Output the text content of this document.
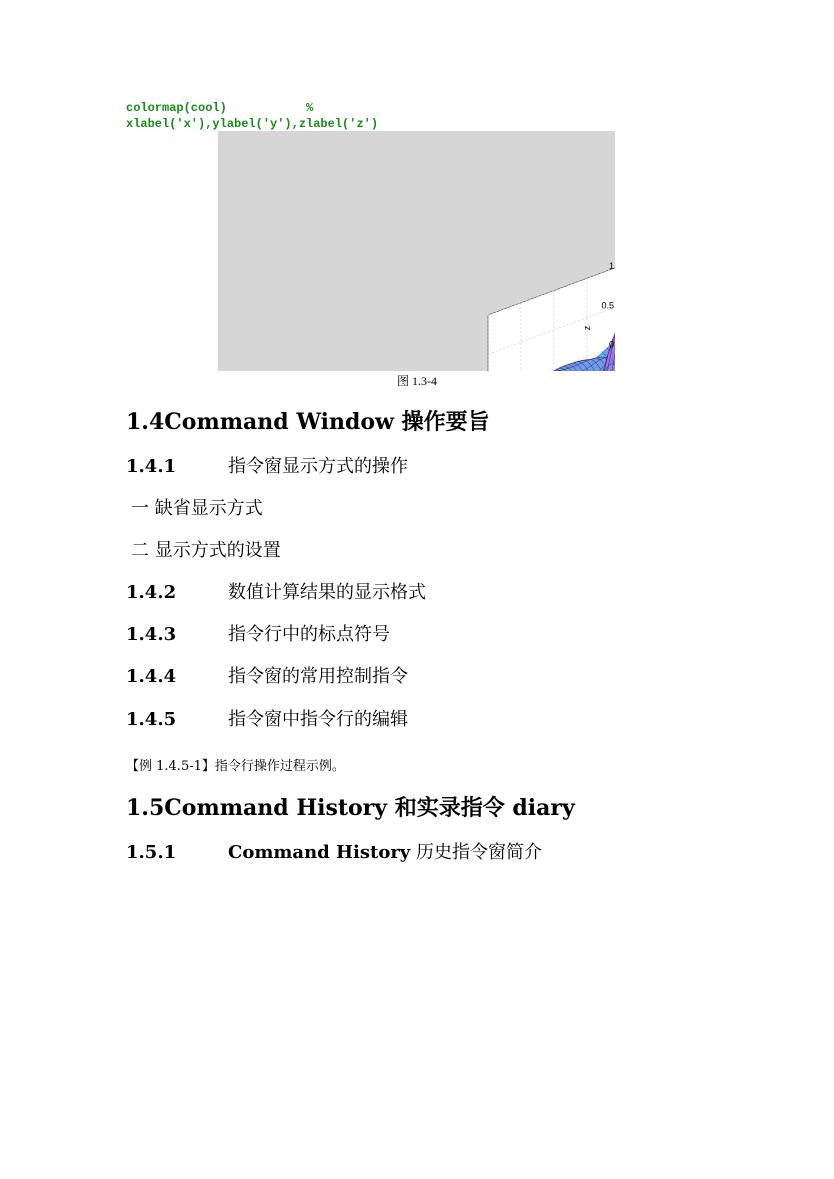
colormap(cool)           %
xlabel('x'),ylabel('y'),zlabel('z')
0
0.5
1
z
图 1.3-4
1.4Command Window 操作要旨
1.4.1	指令窗显示方式的操作
一 缺省显示方式
二 显示方式的设置
1.4.2	数值计算结果的显示格式
1.4.3	指令行中的标点符号
1.4.4	指令窗的常用控制指令
1.4.5	指令窗中指令行的编辑
【例 1.4.5-1】指令行操作过程示例。
1.5Command History 和实录指令 diary
1.5.1	Command History 历史指令窗简介
